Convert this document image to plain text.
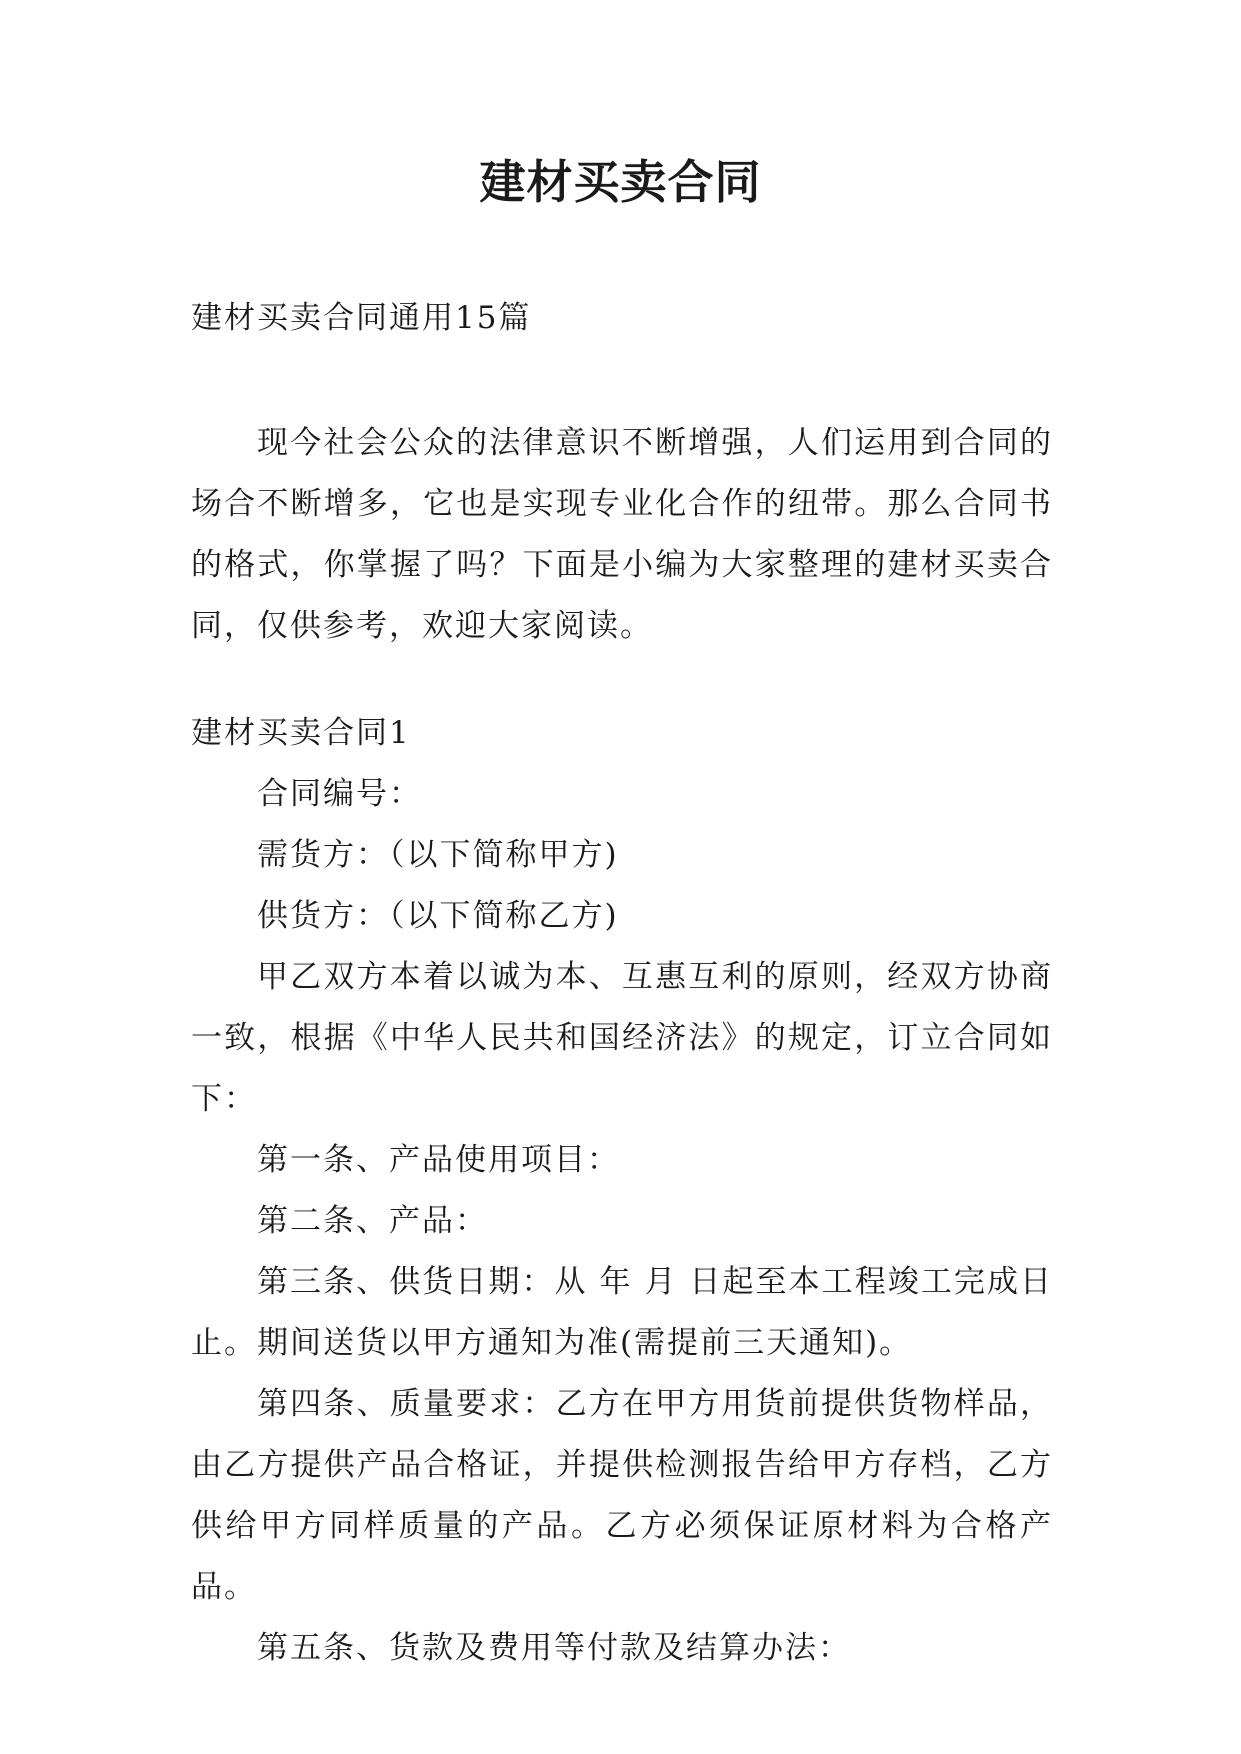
建材买卖合同
建材买卖合同通用15篇

现今社会公众的法律意识不断增强，人们运用到合同的场合不断增多，它也是实现专业化合作的纽带。那么合同书的格式，你掌握了吗？下面是小编为大家整理的建材买卖合同，仅供参考，欢迎大家阅读。

建材买卖合同1

合同编号：

需货方：（以下简称甲方)

供货方：（以下简称乙方)

甲乙双方本着以诚为本、互惠互利的原则，经双方协商一致，根据《中华人民共和国经济法》的规定，订立合同如下：

第一条、产品使用项目：

第二条、产品：

第三条、供货日期：从 年 月 日起至本工程竣工完成日止。期间送货以甲方通知为准(需提前三天通知)。

第四条、质量要求：乙方在甲方用货前提供货物样品，由乙方提供产品合格证，并提供检测报告给甲方存档，乙方供给甲方同样质量的产品。乙方必须保证原材料为合格产品。

第五条、货款及费用等付款及结算办法：
